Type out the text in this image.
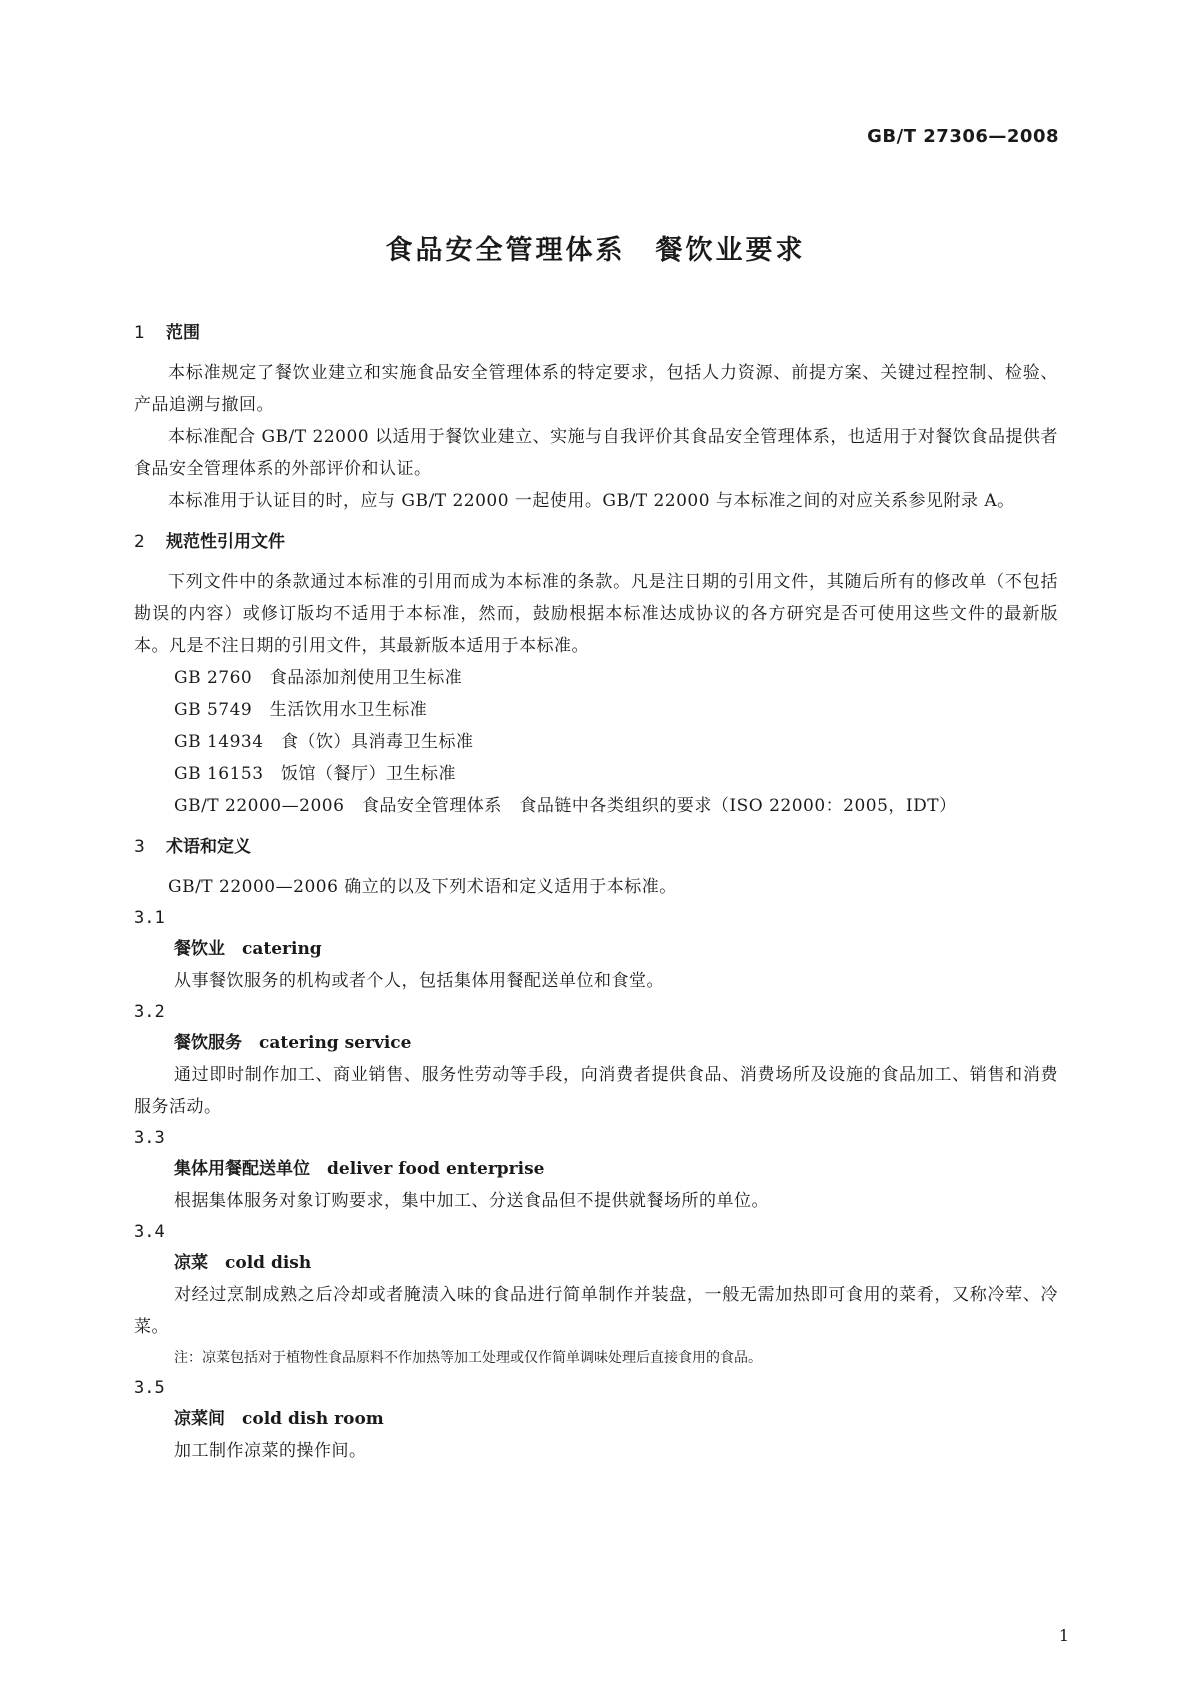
GB/T 27306—2008
食品安全管理体系　餐饮业要求

1 范围

本标准规定了餐饮业建立和实施食品安全管理体系的特定要求，包括人力资源、前提方案、关键过程控制、检验、产品追溯与撤回。

本标准配合 GB/T 22000 以适用于餐饮业建立、实施与自我评价其食品安全管理体系，也适用于对餐饮食品提供者食品安全管理体系的外部评价和认证。

本标准用于认证目的时，应与 GB/T 22000 一起使用。GB/T 22000 与本标准之间的对应关系参见附录 A。

2 规范性引用文件

下列文件中的条款通过本标准的引用而成为本标准的条款。凡是注日期的引用文件，其随后所有的修改单（不包括勘误的内容）或修订版均不适用于本标准，然而，鼓励根据本标准达成协议的各方研究是否可使用这些文件的最新版本。凡是不注日期的引用文件，其最新版本适用于本标准。

GB 2760　食品添加剂使用卫生标准

GB 5749　生活饮用水卫生标准

GB 14934　食（饮）具消毒卫生标准

GB 16153　饭馆（餐厅）卫生标准

GB/T 22000—2006　食品安全管理体系　食品链中各类组织的要求（ISO 22000：2005，IDT）

3 术语和定义

GB/T 22000—2006 确立的以及下列术语和定义适用于本标准。

3.1

餐饮业　 catering

从事餐饮服务的机构或者个人，包括集体用餐配送单位和食堂。

3.2

餐饮服务　 catering service

通过即时制作加工、商业销售、服务性劳动等手段，向消费者提供食品、消费场所及设施的食品加工、销售和消费服务活动。

3.3

集体用餐配送单位　 deliver food enterprise

根据集体服务对象订购要求，集中加工、分送食品但不提供就餐场所的单位。

3.4

凉菜　 cold dish

对经过烹制成熟之后冷却或者腌渍入味的食品进行简单制作并装盘，一般无需加热即可食用的菜肴，又称冷荤、冷菜。

注：凉菜包括对于植物性食品原料不作加热等加工处理或仅作简单调味处理后直接食用的食品。

3.5

凉菜间　 cold dish room

加工制作凉菜的操作间。

1
